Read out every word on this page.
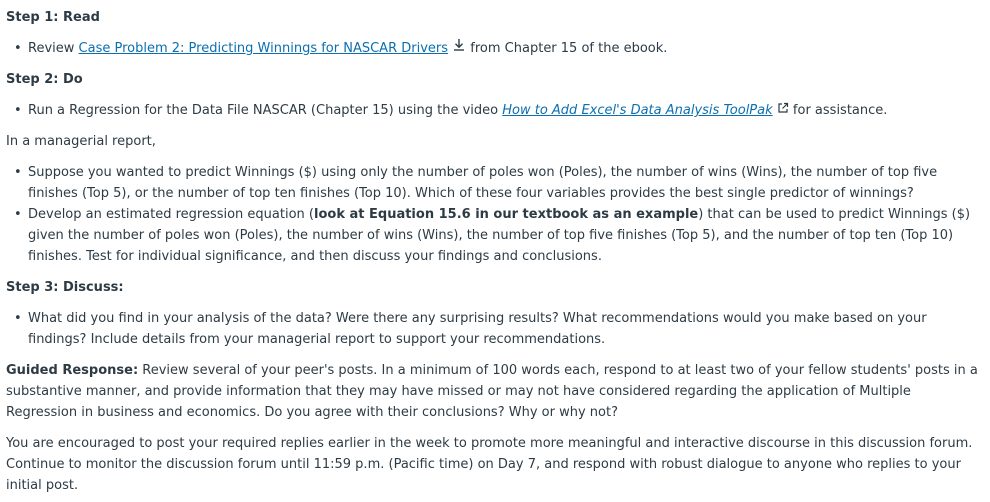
Step 1: Read
• Review Case Problem 2: Predicting Winnings for NASCAR Drivers from Chapter 15 of the ebook.
Step 2: Do
• Run a Regression for the Data File NASCAR (Chapter 15) using the video How to Add Excel's Data Analysis ToolPak for assistance.

In a managerial report,

• Suppose you wanted to predict Winnings ($) using only the number of poles won (Poles), the number of wins (Wins), the number of top five finishes (Top 5), or the number of top ten finishes (Top 10). Which of these four variables provides the best single predictor of winnings?
• Develop an estimated regression equation (look at Equation 15.6 in our textbook as an example) that can be used to predict Winnings ($) given the number of poles won (Poles), the number of wins (Wins), the number of top five finishes (Top 5), and the number of top ten (Top 10) finishes. Test for individual significance, and then discuss your findings and conclusions.
Step 3: Discuss:
• What did you find in your analysis of the data? Were there any surprising results? What recommendations would you make based on your findings? Include details from your managerial report to support your recommendations.

Guided Response: Review several of your peer's posts. In a minimum of 100 words each, respond to at least two of your fellow students' posts in a substantive manner, and provide information that they may have missed or may not have considered regarding the application of Multiple Regression in business and economics. Do you agree with their conclusions? Why or why not?

You are encouraged to post your required replies earlier in the week to promote more meaningful and interactive discourse in this discussion forum. Continue to monitor the discussion forum until 11:59 p.m. (Pacific time) on Day 7, and respond with robust dialogue to anyone who replies to your initial post.
